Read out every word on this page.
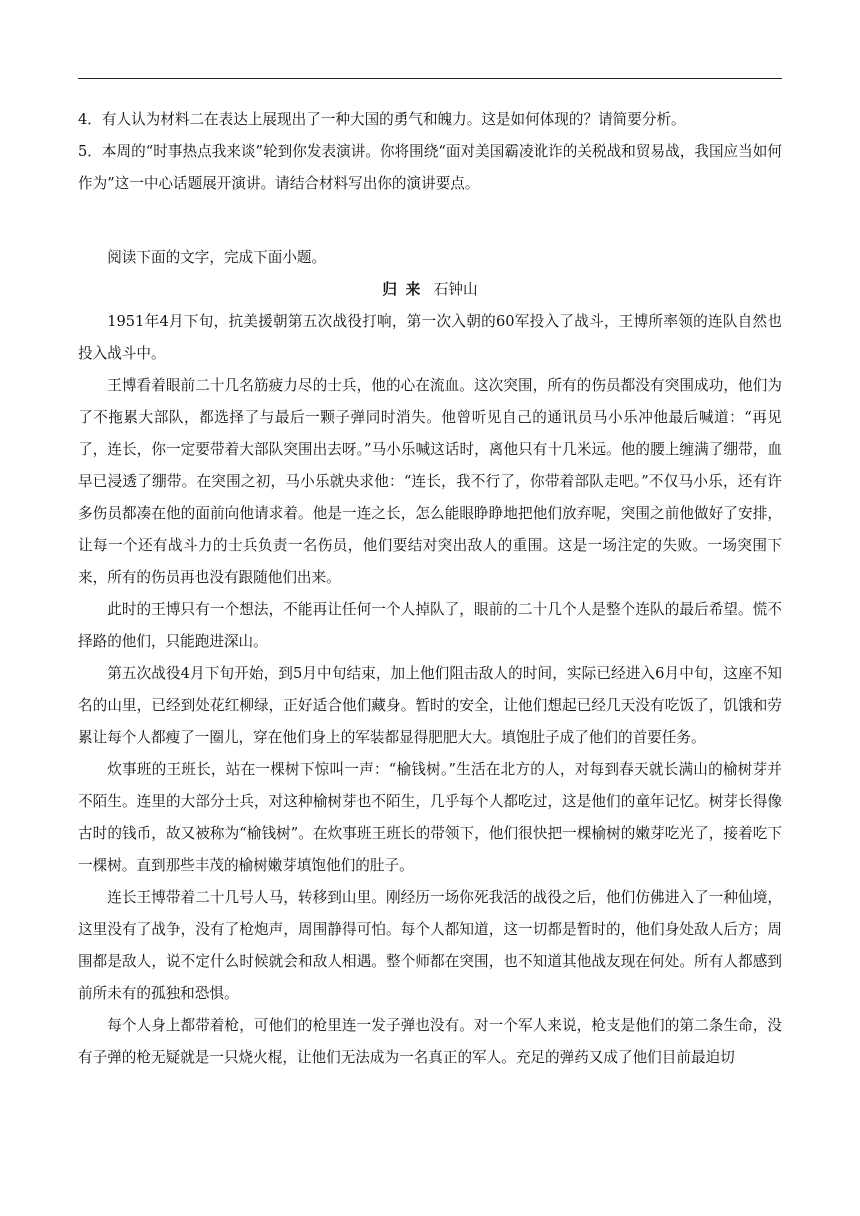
4．有人认为材料二在表达上展现出了一种大国的勇气和魄力。这是如何体现的？请简要分析。

5．本周的“时事热点我来谈”轮到你发表演讲。你将围绕“面对美国霸凌讹诈的关税战和贸易战，我国应当如何作为”这一中心话题展开演讲。请结合材料写出你的演讲要点。

阅读下面的文字，完成下面小题。

归来 石钟山

1951年4月下旬，抗美援朝第五次战役打响，第一次入朝的60军投入了战斗，王博所率领的连队自然也投入战斗中。

王博看着眼前二十几名筋疲力尽的士兵，他的心在流血。这次突围，所有的伤员都没有突围成功，他们为了不拖累大部队，都选择了与最后一颗子弹同时消失。他曾听见自己的通讯员马小乐冲他最后喊道：“再见了，连长，你一定要带着大部队突围出去呀。”马小乐喊这话时，离他只有十几米远。他的腰上缠满了绷带，血早已浸透了绷带。在突围之初，马小乐就央求他：“连长，我不行了，你带着部队走吧。”不仅马小乐，还有许多伤员都凑在他的面前向他请求着。他是一连之长，怎么能眼睁睁地把他们放弃呢，突围之前他做好了安排，让每一个还有战斗力的士兵负责一名伤员，他们要结对突出敌人的重围。这是一场注定的失败。一场突围下来，所有的伤员再也没有跟随他们出来。

此时的王博只有一个想法，不能再让任何一个人掉队了，眼前的二十几个人是整个连队的最后希望。慌不择路的他们，只能跑进深山。

第五次战役4月下旬开始，到5月中旬结束，加上他们阻击敌人的时间，实际已经进入6月中旬，这座不知名的山里，已经到处花红柳绿，正好适合他们藏身。暂时的安全，让他们想起已经几天没有吃饭了，饥饿和劳累让每个人都瘦了一圈儿，穿在他们身上的军装都显得肥肥大大。填饱肚子成了他们的首要任务。

炊事班的王班长，站在一棵树下惊叫一声：“榆钱树。”生活在北方的人，对每到春天就长满山的榆树芽并不陌生。连里的大部分士兵，对这种榆树芽也不陌生，几乎每个人都吃过，这是他们的童年记忆。树芽长得像古时的钱币，故又被称为“榆钱树”。在炊事班王班长的带领下，他们很快把一棵榆树的嫩芽吃光了，接着吃下一棵树。直到那些丰茂的榆树嫩芽填饱他们的肚子。

连长王博带着二十几号人马，转移到山里。刚经历一场你死我活的战役之后，他们仿佛进入了一种仙境，这里没有了战争，没有了枪炮声，周围静得可怕。每个人都知道，这一切都是暂时的，他们身处敌人后方；周围都是敌人，说不定什么时候就会和敌人相遇。整个师都在突围，也不知道其他战友现在何处。所有人都感到前所未有的孤独和恐惧。

每个人身上都带着枪，可他们的枪里连一发子弹也没有。对一个军人来说，枪支是他们的第二条生命，没有子弹的枪无疑就是一只烧火棍，让他们无法成为一名真正的军人。充足的弹药又成了他们目前最迫切
